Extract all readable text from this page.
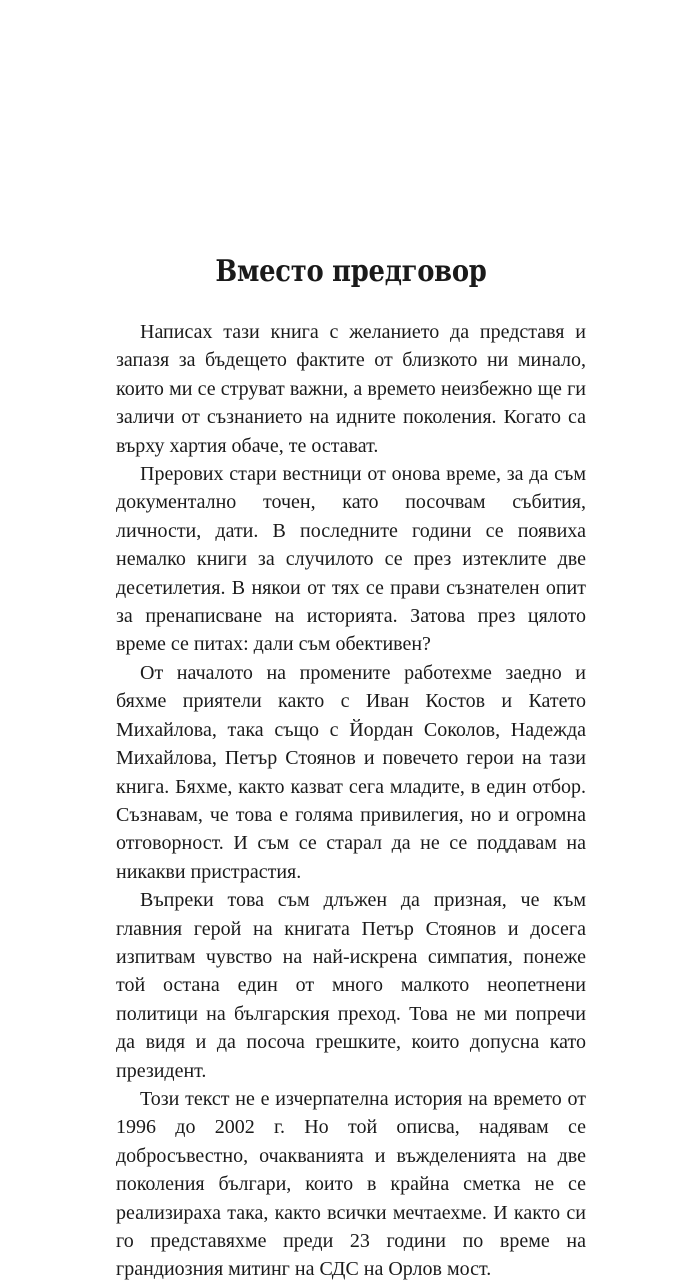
Вместо предговор

Написах тази книга с желанието да представя и запазя за бъдещето фактите от близкото ни минало, които ми се струват важни, а времето неизбежно ще ги заличи от съзнанието на идните поколения. Когато са върху хартия обаче, те остават.

Преровиx стари вестници от онова време, за да съм документално точен, като посочвам събития, личности, дати. В последните години се появиха немалко книги за случилото се през изтеклите две десетилетия. В някои от тях се прави съзнателен опит за пренаписване на историята. Затова през цялото време се питах: дали съм обективен?

От началото на промените работехме заедно и бяхме приятели както с Иван Костов и Катето Михайлова, така също с Йордан Соколов, Надежда Михайлова, Петър Стоянов и повечето герои на тази книга. Бяхме, както казват сега младите, в един отбор. Съзнавам, че това е голяма привилегия, но и огромна отговорност. И съм се старал да не се поддавам на никакви пристрастия.

Въпреки това съм длъжен да призная, че към главния герой на книгата Петър Стоянов и досега изпитвам чувство на най-искрена симпатия, понеже той остана един от много малкото неопетнени политици на българския преход. Това не ми попречи да видя и да посоча грешките, които допусна като президент.

Този текст не е изчерпателна история на времето от 1996 до 2002 г. Но той описва, надявам се добросъвестно, очакванията и въжделенията на две поколения българи, които в крайна сметка не се реализираха така, както всички мечтаехме. И както си го представяхме преди 23 години по време на грандиозния митинг на СДС на Орлов мост.
